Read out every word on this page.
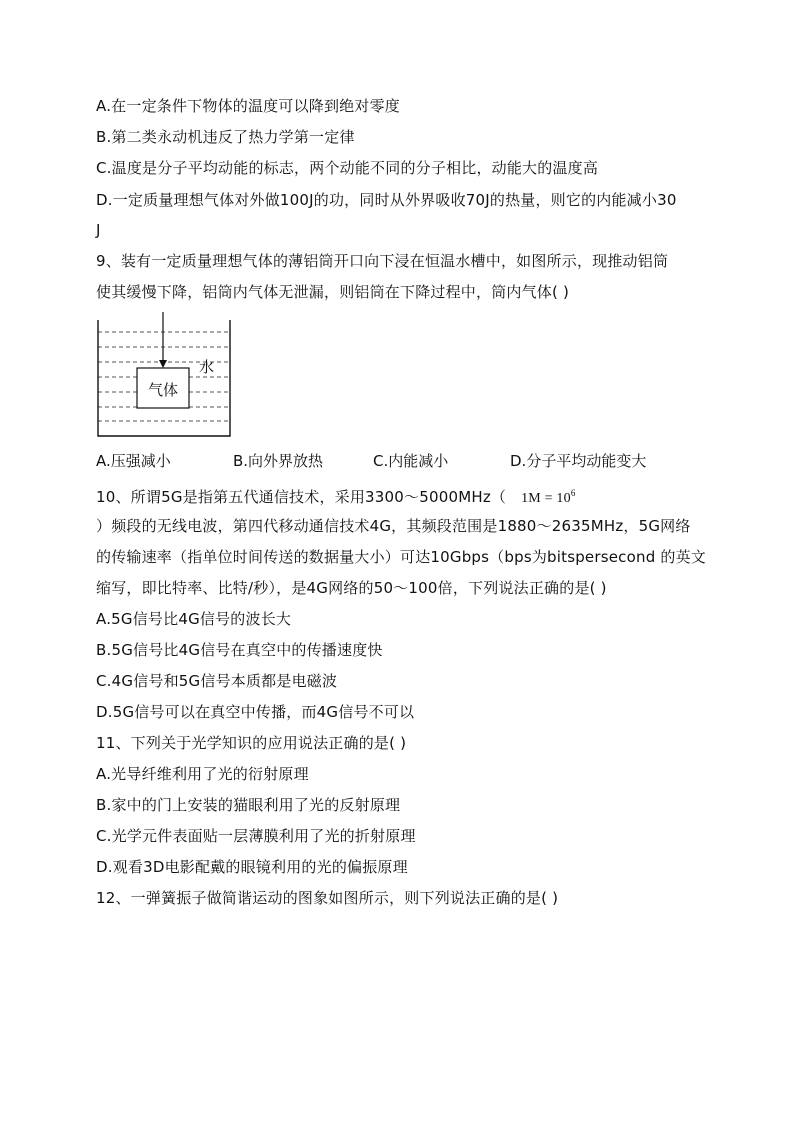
A.在一定条件下物体的温度可以降到绝对零度
B.第二类永动机违反了热力学第一定律
C.温度是分子平均动能的标志，两个动能不同的分子相比，动能大的温度高
D.一定质量理想气体对外做100J的功，同时从外界吸收70J的热量，则它的内能减小30
J
9、装有一定质量理想气体的薄铝筒开口向下浸在恒温水槽中，如图所示，现推动铝筒
使其缓慢下降，铝筒内气体无泄漏，则铝筒在下降过程中，筒内气体( )
气体
水
A.压强减小	B.向外界放热	C.内能减小	D.分子平均动能变大
10、所谓5G是指第五代通信技术，采用3300～5000MHz（ $1M = 10^6$
）频段的无线电波，第四代移动通信技术4G，其频段范围是1880～2635MHz，5G网络
的传输速率（指单位时间传送的数据量大小）可达10Gbps（bps为bitspersecond 的英文
缩写，即比特率、比特/秒），是4G网络的50～100倍，下列说法正确的是( )
A.5G信号比4G信号的波长大
B.5G信号比4G信号在真空中的传播速度快
C.4G信号和5G信号本质都是电磁波
D.5G信号可以在真空中传播，而4G信号不可以
11、下列关于光学知识的应用说法正确的是( )
A.光导纤维利用了光的衍射原理
B.家中的门上安装的猫眼利用了光的反射原理
C.光学元件表面贴一层薄膜利用了光的折射原理
D.观看3D电影配戴的眼镜利用的光的偏振原理
12、一弹簧振子做简谐运动的图象如图所示，则下列说法正确的是( )
